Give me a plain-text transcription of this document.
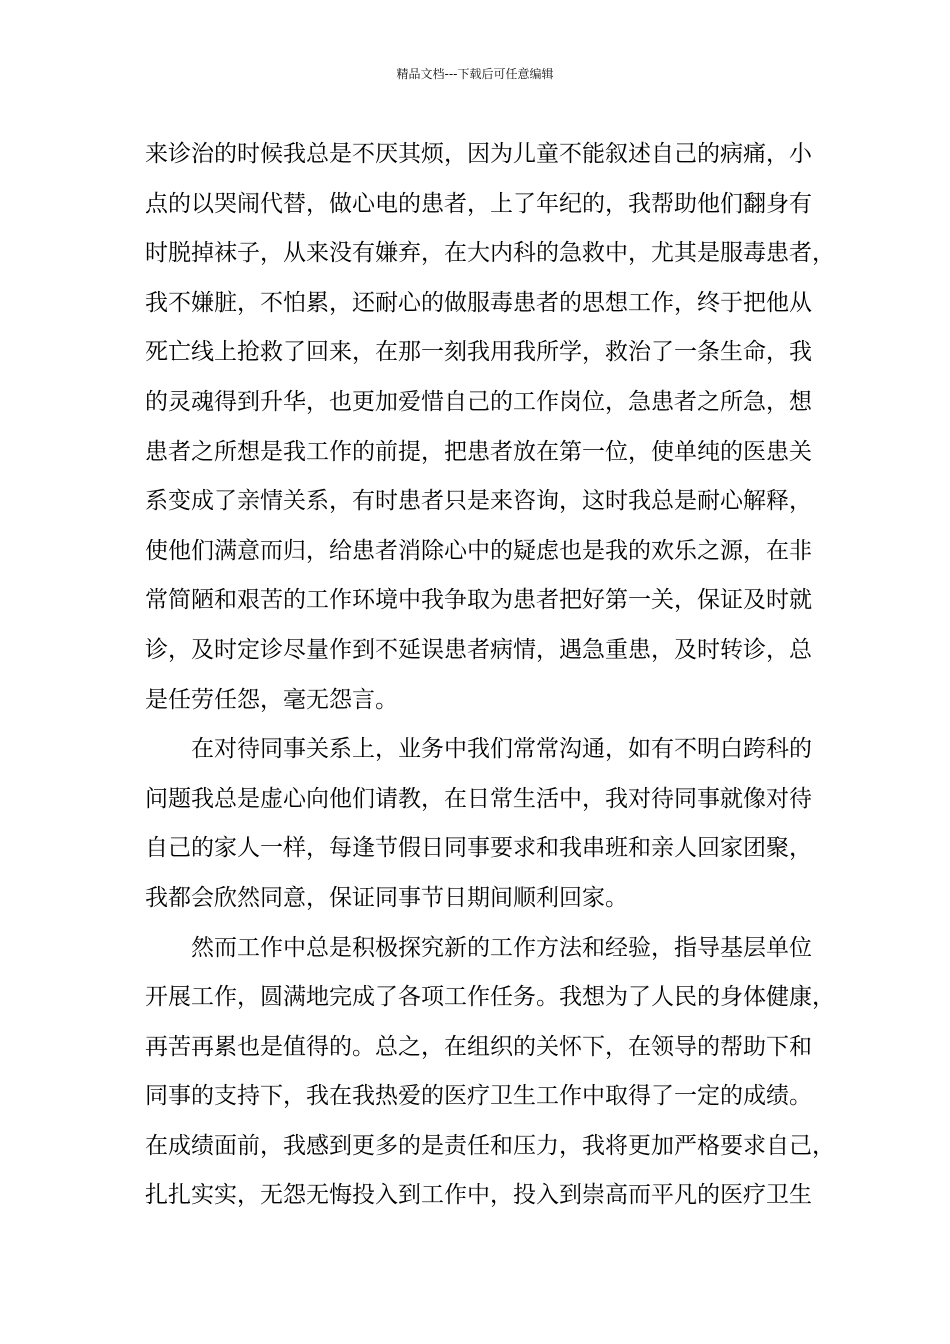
精品文档---下载后可任意编辑
来诊治的时候我总是不厌其烦，因为儿童不能叙述自己的病痛，小
点的以哭闹代替，做心电的患者，上了年纪的，我帮助他们翻身有
时脱掉袜子，从来没有嫌弃，在大内科的急救中，尤其是服毒患者，
我不嫌脏，不怕累，还耐心的做服毒患者的思想工作，终于把他从
死亡线上抢救了回来，在那一刻我用我所学，救治了一条生命，我
的灵魂得到升华，也更加爱惜自己的工作岗位，急患者之所急，想
患者之所想是我工作的前提，把患者放在第一位，使单纯的医患关
系变成了亲情关系，有时患者只是来咨询，这时我总是耐心解释，
使他们满意而归，给患者消除心中的疑虑也是我的欢乐之源，在非
常简陋和艰苦的工作环境中我争取为患者把好第一关，保证及时就
诊，及时定诊尽量作到不延误患者病情，遇急重患，及时转诊，总
是任劳任怨，毫无怨言。
在对待同事关系上，业务中我们常常沟通，如有不明白跨科的
问题我总是虚心向他们请教，在日常生活中，我对待同事就像对待
自己的家人一样，每逢节假日同事要求和我串班和亲人回家团聚，
我都会欣然同意，保证同事节日期间顺利回家。
然而工作中总是积极探究新的工作方法和经验，指导基层单位
开展工作，圆满地完成了各项工作任务。我想为了人民的身体健康，
再苦再累也是值得的。总之，在组织的关怀下，在领导的帮助下和
同事的支持下，我在我热爱的医疗卫生工作中取得了一定的成绩。
在成绩面前，我感到更多的是责任和压力，我将更加严格要求自己，
扎扎实实，无怨无悔投入到工作中，投入到崇高而平凡的医疗卫生
